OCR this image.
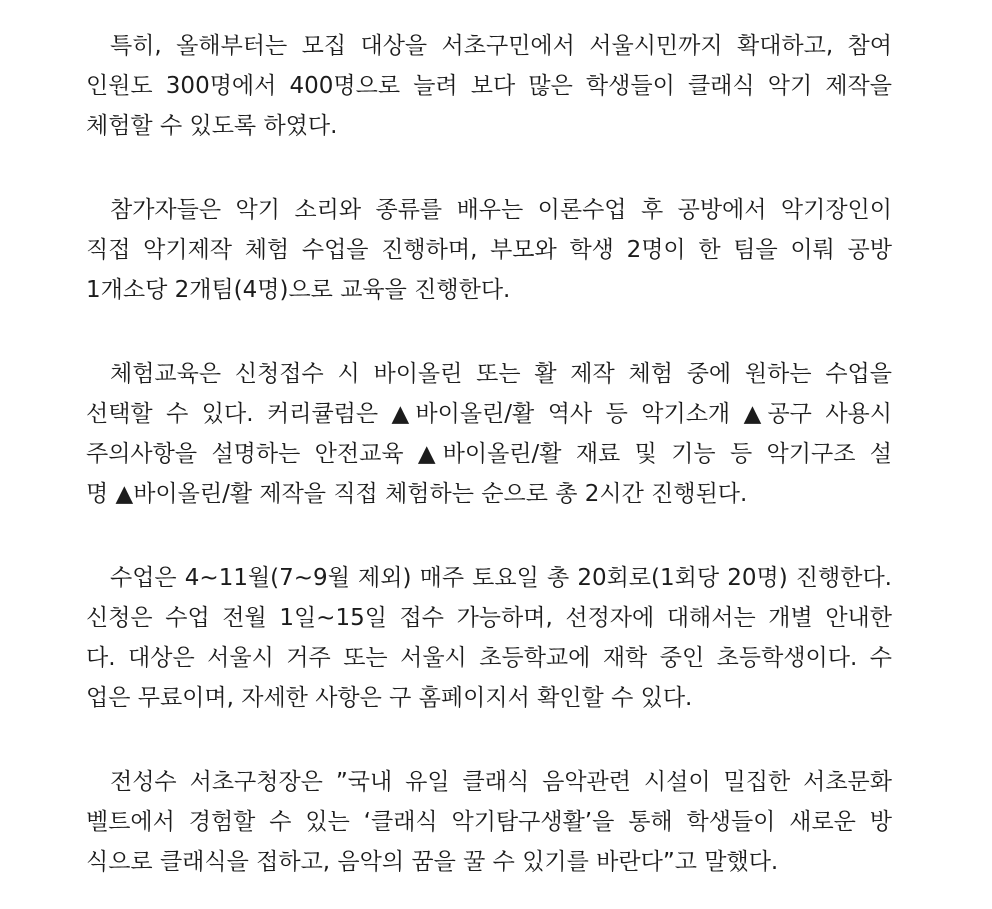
특히, 올해부터는 모집 대상을 서초구민에서 서울시민까지 확대하고, 참여
인원도 300명에서 400명으로 늘려 보다 많은 학생들이 클래식 악기 제작을
체험할 수 있도록 하였다.
참가자들은 악기 소리와 종류를 배우는 이론수업 후 공방에서 악기장인이
직접 악기제작 체험 수업을 진행하며, 부모와 학생 2명이 한 팀을 이뤄 공방
1개소당 2개팀(4명)으로 교육을 진행한다.
체험교육은 신청접수 시 바이올린 또는 활 제작 체험 중에 원하는 수업을
선택할 수 있다. 커리큘럼은 ▲바이올린/활 역사 등 악기소개 ▲공구 사용시
주의사항을 설명하는 안전교육 ▲바이올린/활 재료 및 기능 등 악기구조 설
명 ▲바이올린/활 제작을 직접 체험하는 순으로 총 2시간 진행된다.
수업은 4~11월(7~9월 제외) 매주 토요일 총 20회로(1회당 20명) 진행한다.
신청은 수업 전월 1일~15일 접수 가능하며, 선정자에 대해서는 개별 안내한
다. 대상은 서울시 거주 또는 서울시 초등학교에 재학 중인 초등학생이다. 수
업은 무료이며, 자세한 사항은 구 홈페이지서 확인할 수 있다.
전성수 서초구청장은 ”국내 유일 클래식 음악관련 시설이 밀집한 서초문화
벨트에서 경험할 수 있는 ‘클래식 악기탐구생활’을 통해 학생들이 새로운 방
식으로 클래식을 접하고, 음악의 꿈을 꿀 수 있기를 바란다”고 말했다.
